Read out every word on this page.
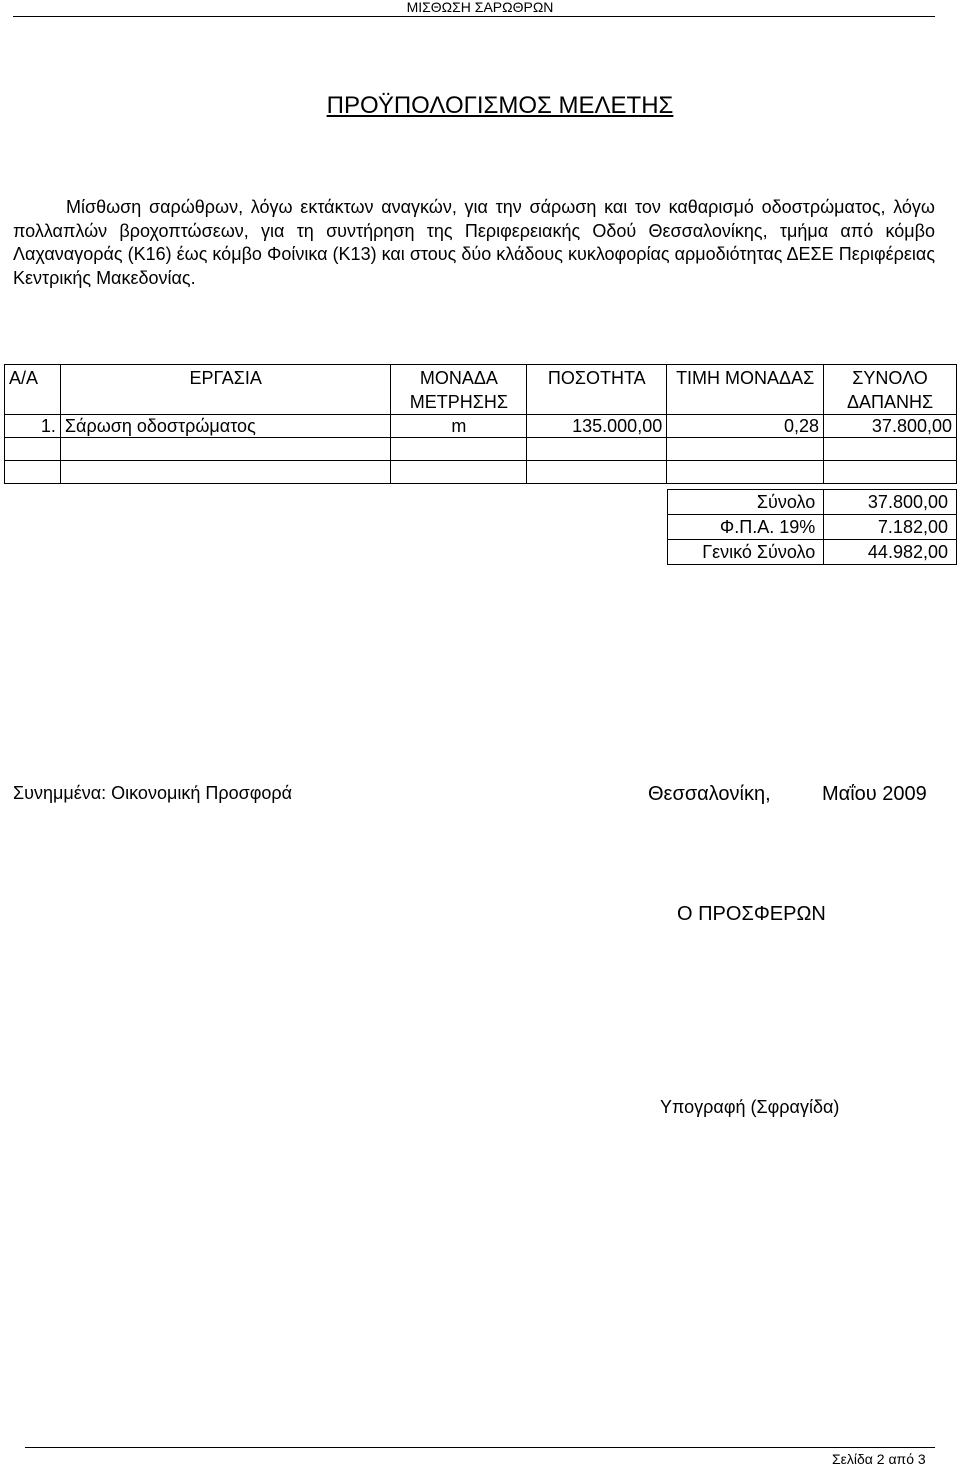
ΜΙΣΘΩΣΗ ΣΑΡΩΘΡΩΝ
ΠΡΟΫΠΟΛΟΓΙΣΜΟΣ ΜΕΛΕΤΗΣ

Μίσθωση σαρώθρων, λόγω εκτάκτων αναγκών, για την σάρωση και τον καθαρισμό οδοστρώματος, λόγω πολλαπλών βροχοπτώσεων, για τη συντήρηση της Περιφερειακής Οδού Θεσσαλονίκης, τμήμα από κόμβο Λαχαναγοράς (Κ16) έως κόμβο Φοίνικα (Κ13) και στους δύο κλάδους κυκλοφορίας αρμοδιότητας ΔΕΣΕ Περιφέρειας Κεντρικής Μακεδονίας.

Α/Α	ΕΡΓΑΣΙΑ	ΜΟΝΑΔΑ ΜΕΤΡΗΣΗΣ	ΠΟΣΟΤΗΤΑ	ΤΙΜΗ ΜΟΝΑΔΑΣ	ΣΥΝΟΛΟ ΔΑΠΑΝΗΣ
1.	Σάρωση οδοστρώματος	m	135.000,00	0,28	37.800,00

Σύνολο	37.800,00
Φ.Π.Α. 19%	7.182,00
Γενικό Σύνολο	44.982,00
Συνημμένα: Οικονομική Προσφορά	Θεσσαλονίκη,	Μαΐου 2009
Ο ΠΡΟΣΦΕΡΩΝ
Υπογραφή (Σφραγίδα)
Σελίδα 2 από 3
